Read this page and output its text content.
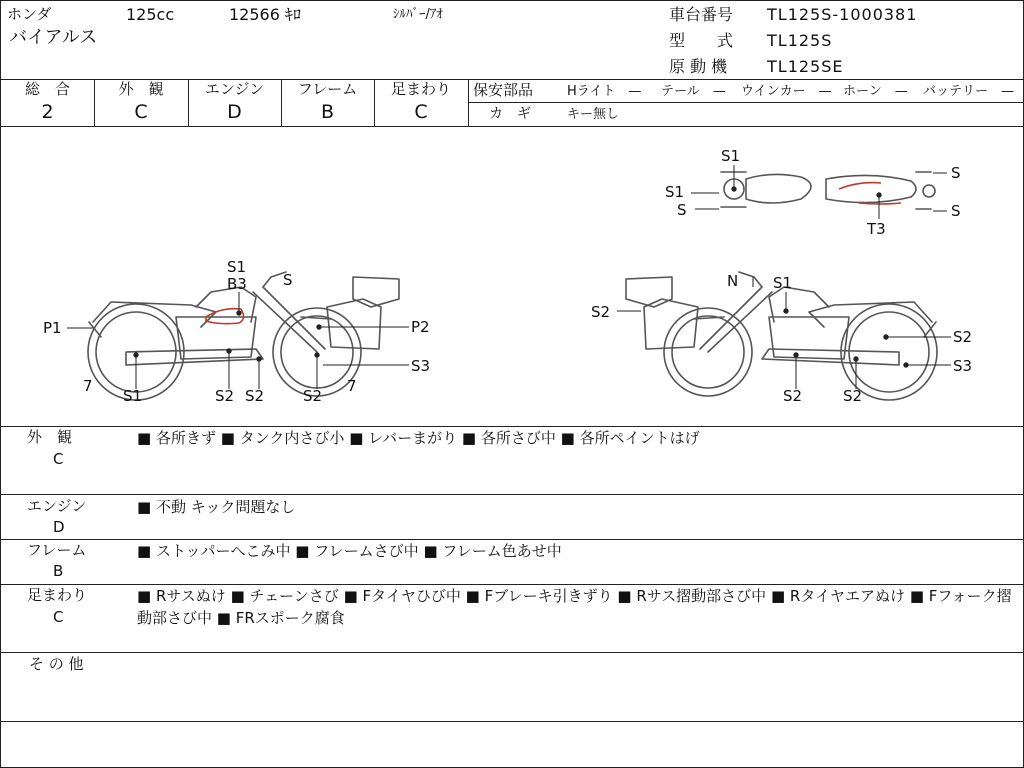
ホンダ	125cc	12566 ｷﾛ	ｼﾙﾊﾞｰ/ｱｵ
バイアルス
車台番号 TL125S-1000381
型　　式 TL125S
原 動 機 TL125SE
総　合	外　観	エンジン	フレーム	足まわり
2	C	D	B	C
保安部品	Hライト　— テール　— ウインカー　— ホーン　— バッテリー　—
カ　ギ	キー無し
S1
B3 S
P1	P2
S3
7
S1	S2 S2	S2
7
N S1
S2
S2
S3
S2	S2
S1
S1
S
S
S
T3
外　観
C
■ 各所きず ■ タンク内さび小 ■ レバーまがり ■ 各所さび中 ■ 各所ペイントはげ
エンジン
D
■ 不動 キック問題なし
フレーム
B
■ ストッパーへこみ中 ■ フレームさび中 ■ フレーム色あせ中
足まわり
C
■ Rサスぬけ ■ チェーンさび ■ Fタイヤひび中 ■ Fブレーキ引きずり ■ Rサス摺動部さび中 ■ Rタイヤエアぬけ ■ Fフォーク摺動部さび中 ■ FRスポーク腐食
そ の 他
